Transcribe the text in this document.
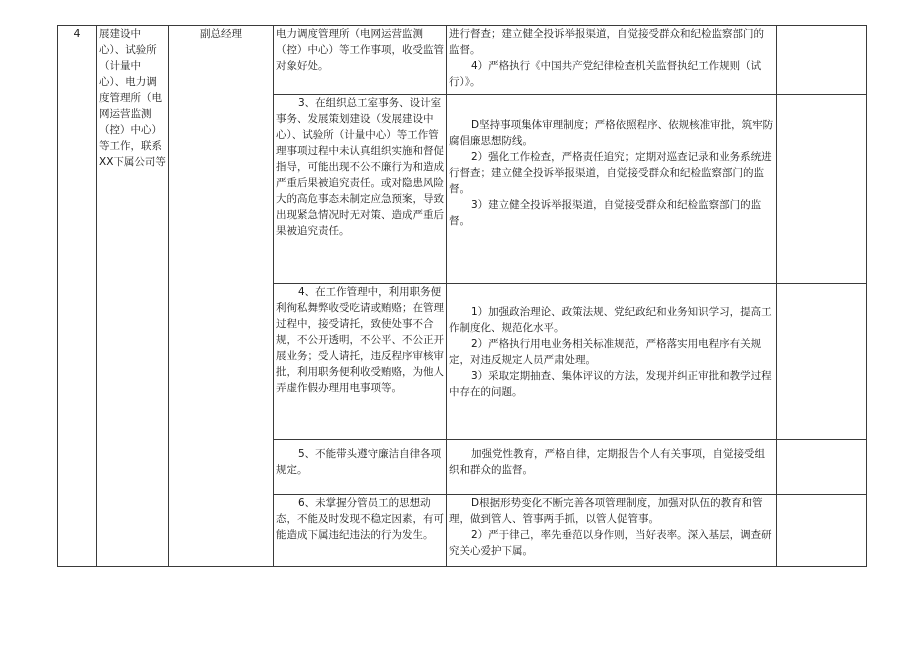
4	展建设中心）、试验所（计量中心）、电力调度管理所（电网运营监测（控）中心）等工作，联系XX下属公司等	副总经理	电力调度管理所（电网运营监测（控）中心）等工作事项，收受监管对象好处。	进行督查；建立健全投诉举报渠道，自觉接受群众和纪检监察部门的监督。
4）严格执行《中国共产党纪律检查机关监督执纪工作规则（试行）》。	

			3、在组织总工室事务、设计室事务、发展策划建设（发展建设中心）、试验所（计量中心）等工作管理事项过程中未认真组织实施和督促指导，可能出现不公不廉行为和造成严重后果被追究责任。或对隐患风险大的高危事态未制定应急预案，导致出现紧急情况时无对策、造成严重后果被追究责任。	D坚持事项集体审理制度；严格依照程序、依规核准审批，筑牢防腐倡廉思想防线。
2）强化工作检查，严格责任追究；定期对巡查记录和业务系统进行督查；建立健全投诉举报渠道，自觉接受群众和纪检监察部门的监督。
3）建立健全投诉举报渠道，自觉接受群众和纪检监察部门的监督。	

			4、在工作管理中，利用职务便利徇私舞弊收受吃请或贿赂；在管理过程中，接受请托，致使处事不合规，不公开透明，不公平、不公正开展业务；受人请托，违反程序审核审批，利用职务便利收受贿赂，为他人弄虚作假办理用电事项等。	1）加强政治理论、政策法规、党纪政纪和业务知识学习，提高工作制度化、规范化水平。
2）严格执行用电业务相关标准规范，严格落实用电程序有关规定，对违反规定人员严肃处理。
3）采取定期抽查、集体评议的方法，发现并纠正审批和教学过程中存在的问题。	

			5、不能带头遵守廉洁自律各项规定。	加强党性教育，严格自律，定期报告个人有关事项，自觉接受组织和群众的监督。	

			6、未掌握分管员工的思想动态，不能及时发现不稳定因素，有可能造成下属违纪违法的行为发生。	D根据形势变化不断完善各项管理制度，加强对队伍的教育和管理，做到管人、管事两手抓，以管人促管事。
2）严于律己，率先垂范以身作则，当好表率。深入基层，调查研究关心爱护下属。	
